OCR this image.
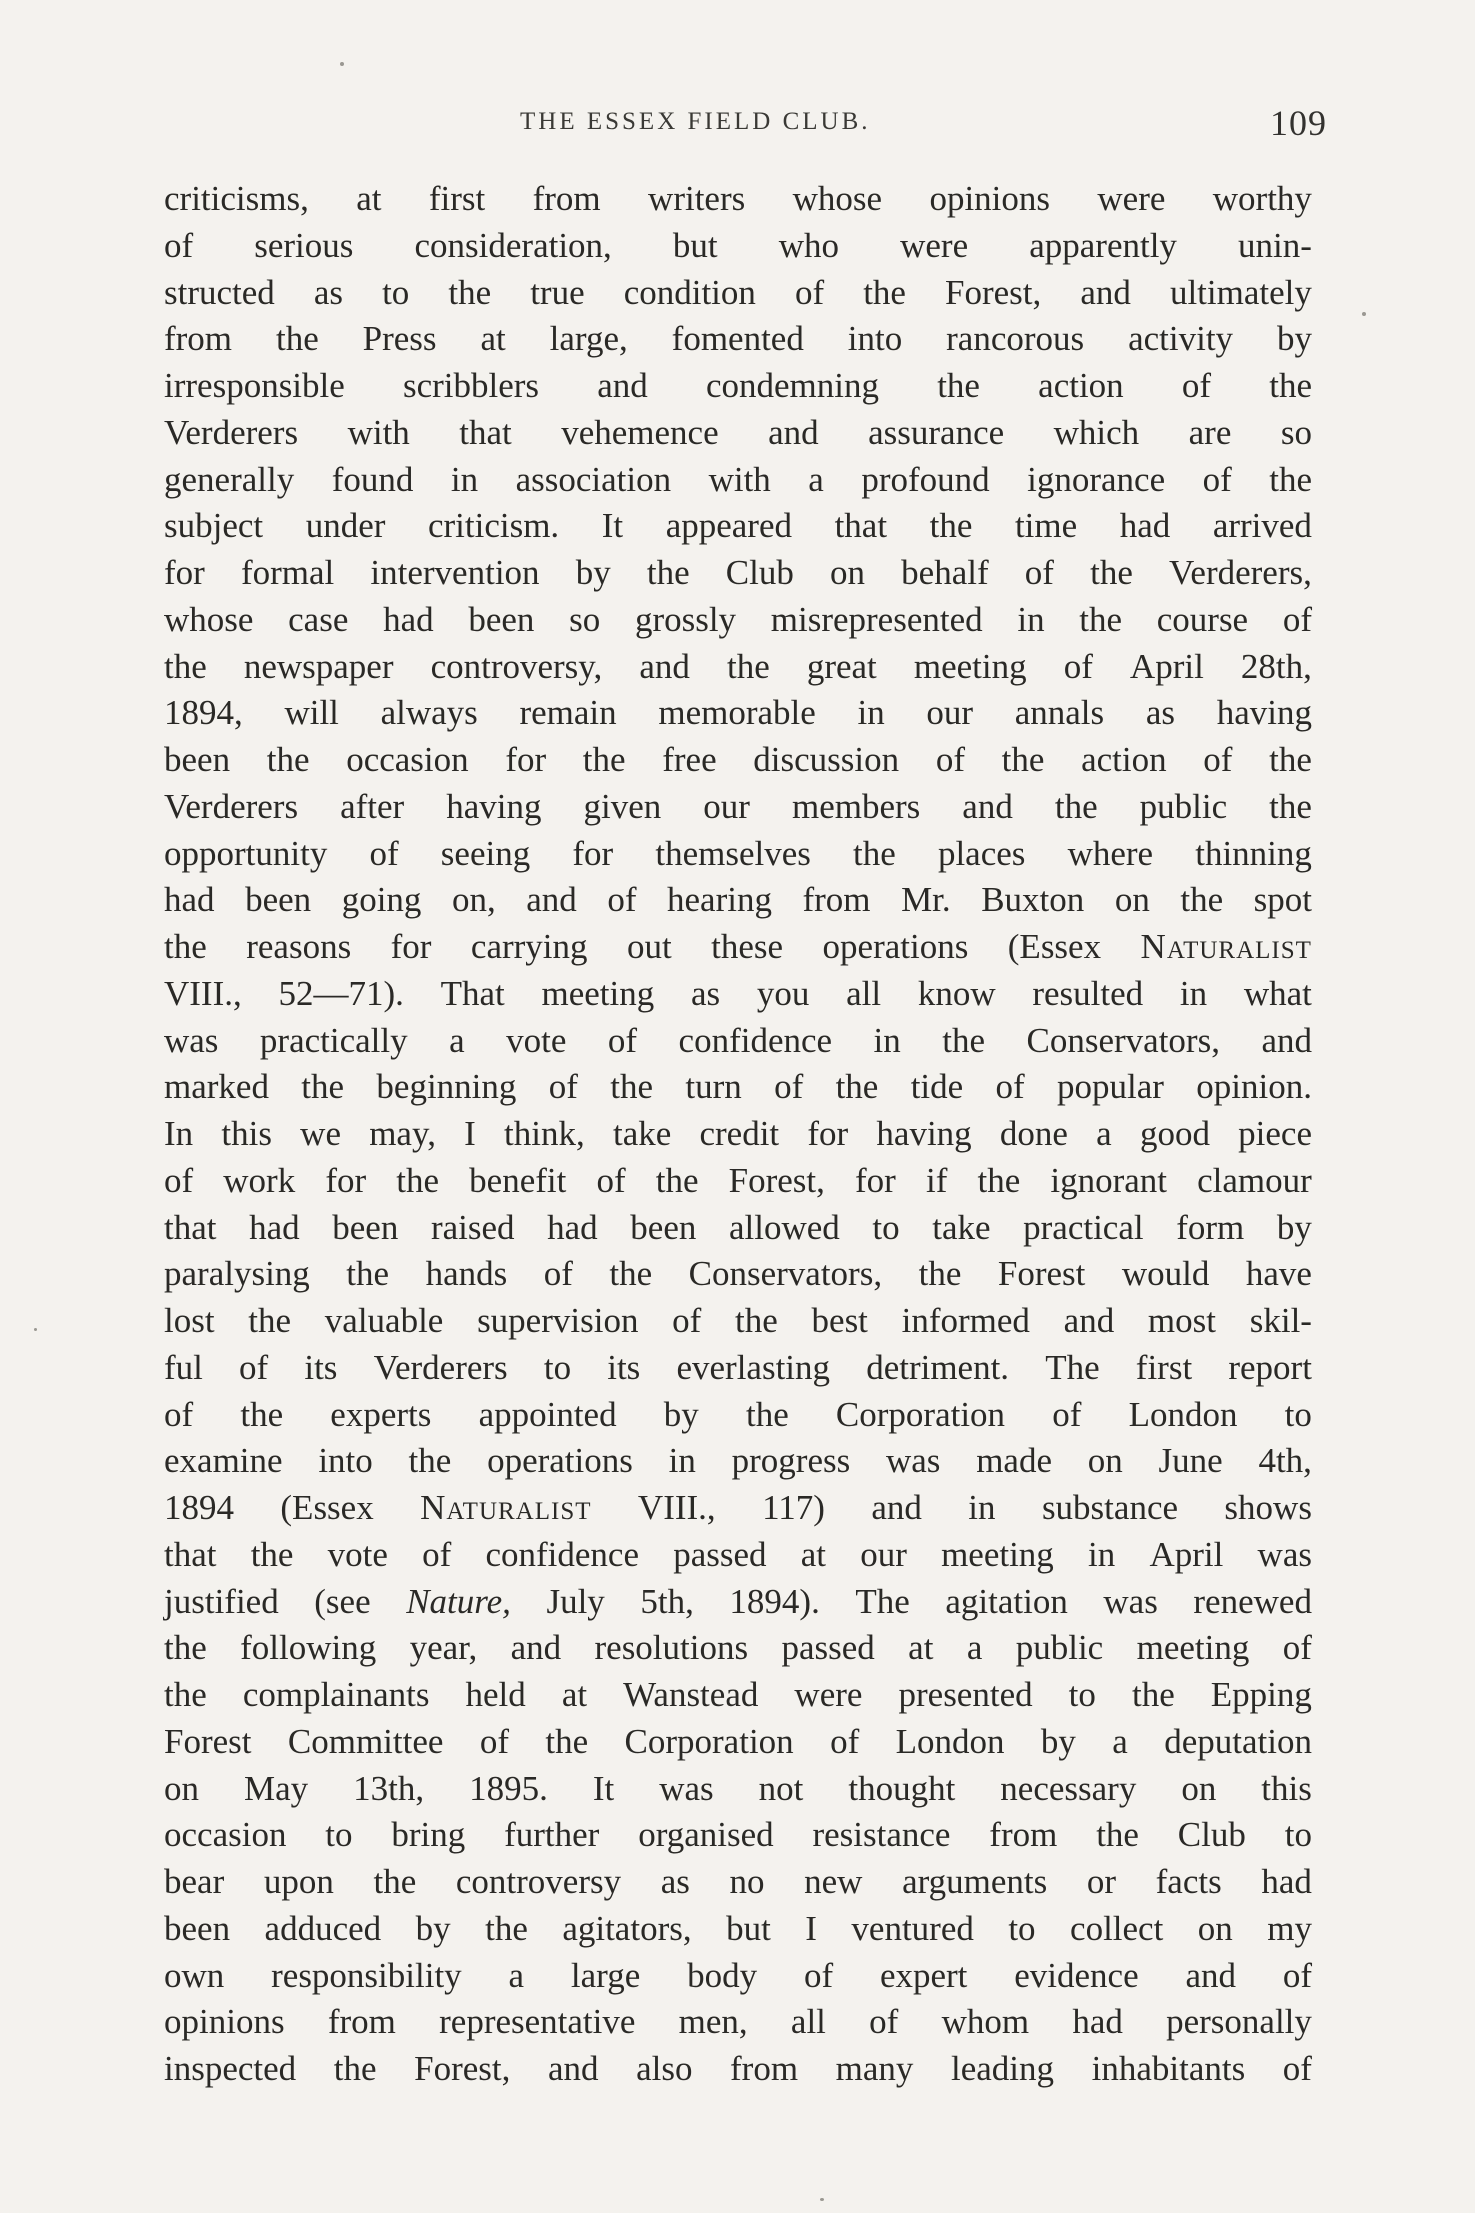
THE ESSEX FIELD CLUB.	109
criticisms, at first from writers whose opinions were worthy
of serious consideration, but who were apparently unin-
structed as to the true condition of the Forest, and ultimately
from the Press at large, fomented into rancorous activity by
irresponsible scribblers and condemning the action of the
Verderers with that vehemence and assurance which are so
generally found in association with a profound ignorance of the
subject under criticism. It appeared that the time had arrived
for formal intervention by the Club on behalf of the Verderers,
whose case had been so grossly misrepresented in the course of
the newspaper controversy, and the great meeting of April 28th,
1894, will always remain memorable in our annals as having
been the occasion for the free discussion of the action of the
Verderers after having given our members and the public the
opportunity of seeing for themselves the places where thinning
had been going on, and of hearing from Mr. Buxton on the spot
the reasons for carrying out these operations (Essex Naturalist
VIII., 52—71). That meeting as you all know resulted in what
was practically a vote of confidence in the Conservators, and
marked the beginning of the turn of the tide of popular opinion.
In this we may, I think, take credit for having done a good piece
of work for the benefit of the Forest, for if the ignorant clamour
that had been raised had been allowed to take practical form by
paralysing the hands of the Conservators, the Forest would have
lost the valuable supervision of the best informed and most skil-
ful of its Verderers to its everlasting detriment. The first report
of the experts appointed by the Corporation of London to
examine into the operations in progress was made on June 4th,
1894 (Essex Naturalist VIII., 117) and in substance shows
that the vote of confidence passed at our meeting in April was
justified (see Nature, July 5th, 1894). The agitation was renewed
the following year, and resolutions passed at a public meeting of
the complainants held at Wanstead were presented to the Epping
Forest Committee of the Corporation of London by a deputation
on May 13th, 1895. It was not thought necessary on this
occasion to bring further organised resistance from the Club to
bear upon the controversy as no new arguments or facts had
been adduced by the agitators, but I ventured to collect on my
own responsibility a large body of expert evidence and of
opinions from representative men, all of whom had personally
inspected the Forest, and also from many leading inhabitants of
